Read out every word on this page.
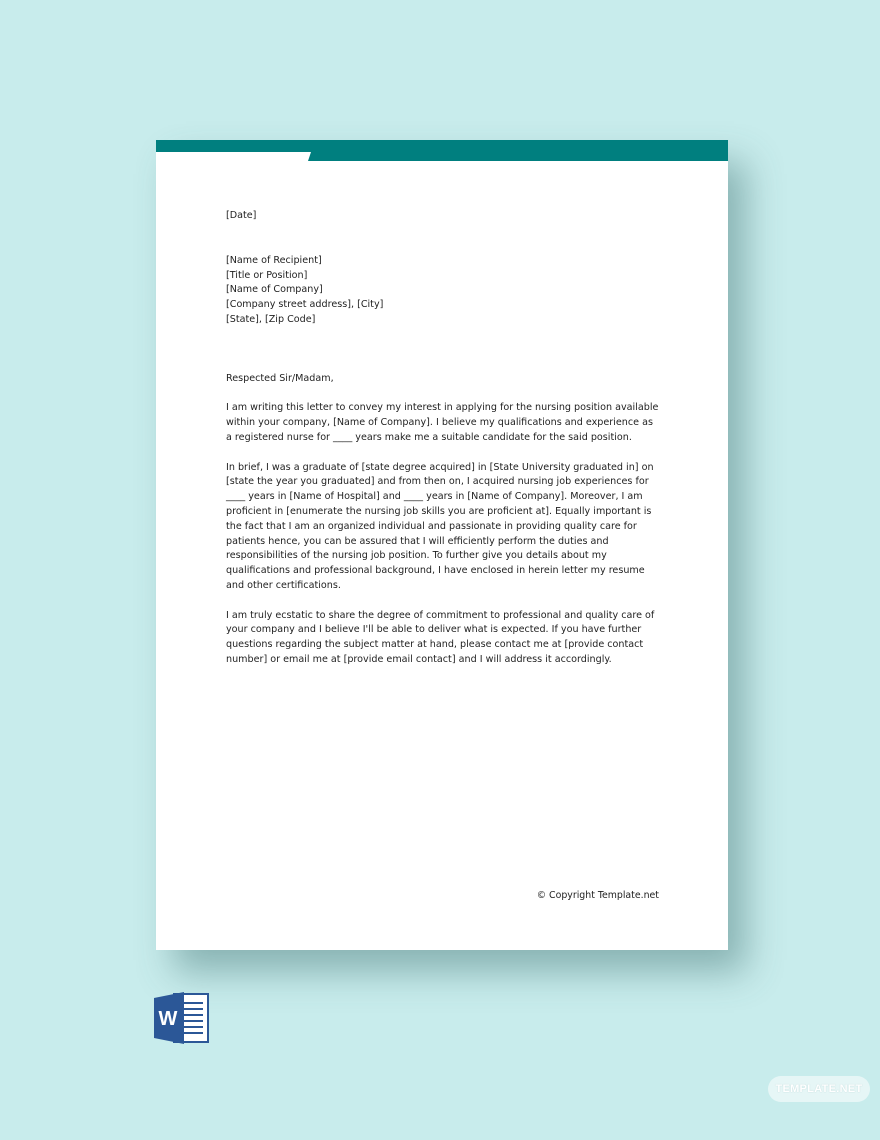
[Date]

[Name of Recipient]
[Title or Position]
[Name of Company]
[Company street address], [City]
[State], [Zip Code]

Respected Sir/Madam,

I am writing this letter to convey my interest in applying for the nursing position available within your company, [Name of Company]. I believe my qualifications and experience as a registered nurse for ____ years make me a suitable candidate for the said position.

In brief, I was a graduate of [state degree acquired] in [State University graduated in] on [state the year you graduated] and from then on, I acquired nursing job experiences for ____ years in [Name of Hospital] and ____ years in [Name of Company]. Moreover, I am proficient in [enumerate the nursing job skills you are proficient at]. Equally important is the fact that I am an organized individual and passionate in providing quality care for patients hence, you can be assured that I will efficiently perform the duties and responsibilities of the nursing job position. To further give you details about my qualifications and professional background, I have enclosed in herein letter my resume and other certifications.

I am truly ecstatic to share the degree of commitment to professional and quality care of your company and I believe I'll be able to deliver what is expected. If you have further questions regarding the subject matter at hand, please contact me at [provide contact number] or email me at [provide email contact] and I will address it accordingly.

© Copyright Template.net
W
TEMPLATE.NET
